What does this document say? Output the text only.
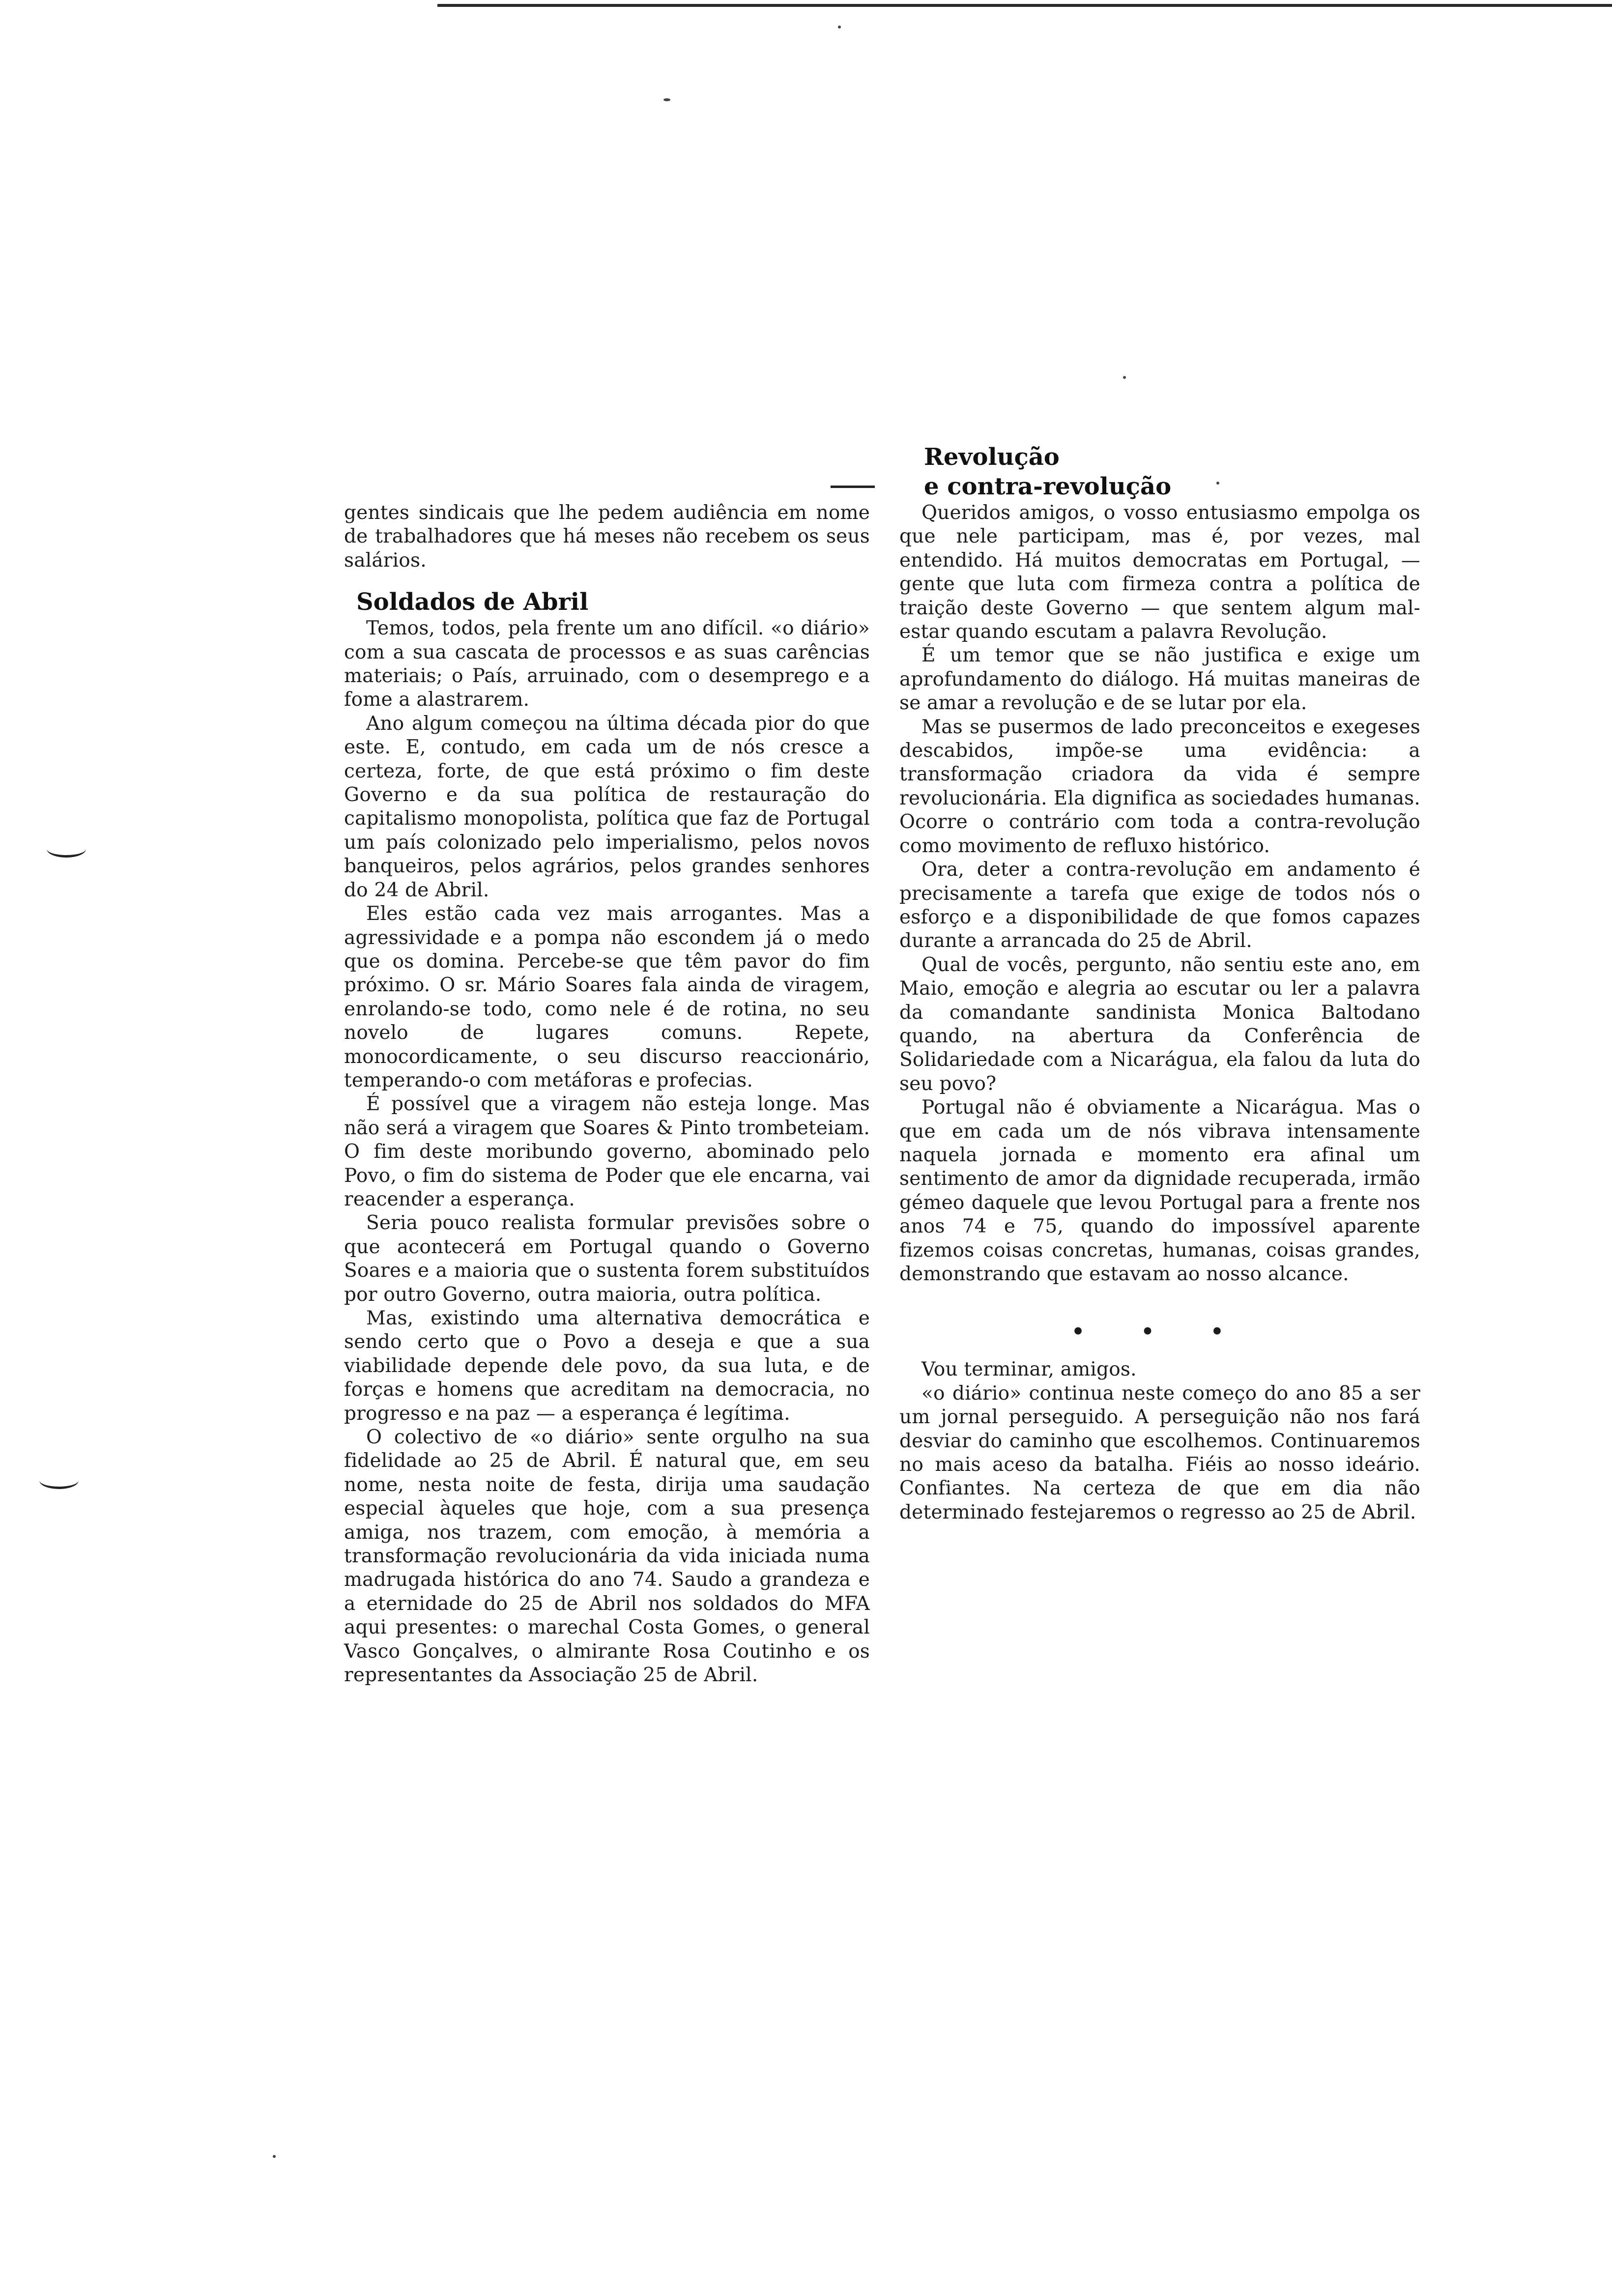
gentes sindicais que lhe pedem audiência em nome de trabalhadores que há meses não recebem os seus salários.

Soldados de Abril

Temos, todos, pela frente um ano difícil. «o diário» com a sua cascata de processos e as suas carências materiais; o País, arruinado, com o desemprego e a fome a alastrarem.

Ano algum começou na última década pior do que este. E, contudo, em cada um de nós cresce a certeza, forte, de que está próximo o fim deste Governo e da sua política de restauração do capitalismo monopolista, política que faz de Portugal um país colonizado pelo imperialismo, pelos novos banqueiros, pelos agrários, pelos grandes senhores do 24 de Abril.

Eles estão cada vez mais arrogantes. Mas a agressividade e a pompa não escondem já o medo que os domina. Percebe-se que têm pavor do fim próximo. O sr. Mário Soares fala ainda de viragem, enrolando-se todo, como nele é de rotina, no seu novelo de lugares comuns. Repete, monocordicamente, o seu discurso reaccionário, temperando-o com metáforas e profecias.

É possível que a viragem não esteja longe. Mas não será a viragem que Soares & Pinto trombeteiam. O fim deste moribundo governo, abominado pelo Povo, o fim do sistema de Poder que ele encarna, vai reacender a esperança.

Seria pouco realista formular previsões sobre o que acontecerá em Portugal quando o Governo Soares e a maioria que o sustenta forem substituídos por outro Governo, outra maioria, outra política.

Mas, existindo uma alternativa democrática e sendo certo que o Povo a deseja e que a sua viabilidade depende dele povo, da sua luta, e de forças e homens que acreditam na democracia, no progresso e na paz — a esperança é legítima.

O colectivo de «o diário» sente orgulho na sua fidelidade ao 25 de Abril. É natural que, em seu nome, nesta noite de festa, dirija uma saudação especial àqueles que hoje, com a sua presença amiga, nos trazem, com emoção, à memória a transformação revolucionária da vida iniciada numa madrugada histórica do ano 74. Saudo a grandeza e a eternidade do 25 de Abril nos soldados do MFA aqui presentes: o marechal Costa Gomes, o general Vasco Gonçalves, o almirante Rosa Coutinho e os representantes da Associação 25 de Abril.

Revolução
e contra-revolução

Queridos amigos, o vosso entusiasmo empolga os que nele participam, mas é, por vezes, mal entendido. Há muitos democratas em Portugal, — gente que luta com firmeza contra a política de traição deste Governo — que sentem algum mal-estar quando escutam a palavra Revolução.

É um temor que se não justifica e exige um aprofundamento do diálogo. Há muitas maneiras de se amar a revolução e de se lutar por ela.

Mas se pusermos de lado preconceitos e exegeses descabidos, impõe-se uma evidência: a transformação criadora da vida é sempre revolucionária. Ela dignifica as sociedades humanas. Ocorre o contrário com toda a contra-revolução como movimento de refluxo histórico.

Ora, deter a contra-revolução em andamento é precisamente a tarefa que exige de todos nós o esforço e a disponibilidade de que fomos capazes durante a arrancada do 25 de Abril.

Qual de vocês, pergunto, não sentiu este ano, em Maio, emoção e alegria ao escutar ou ler a palavra da comandante sandinista Monica Baltodano quando, na abertura da Conferência de Solidariedade com a Nicarágua, ela falou da luta do seu povo?

Portugal não é obviamente a Nicarágua. Mas o que em cada um de nós vibrava intensamente naquela jornada e momento era afinal um sentimento de amor da dignidade recuperada, irmão gémeo daquele que levou Portugal para a frente nos anos 74 e 75, quando do impossível aparente fizemos coisas concretas, humanas, coisas grandes, demonstrando que estavam ao nosso alcance.

• • •

Vou terminar, amigos.

«o diário» continua neste começo do ano 85 a ser um jornal perseguido. A perseguição não nos fará desviar do caminho que escolhemos. Continuaremos no mais aceso da batalha. Fiéis ao nosso ideário. Confiantes. Na certeza de que em dia não determinado festejaremos o regresso ao 25 de Abril.
